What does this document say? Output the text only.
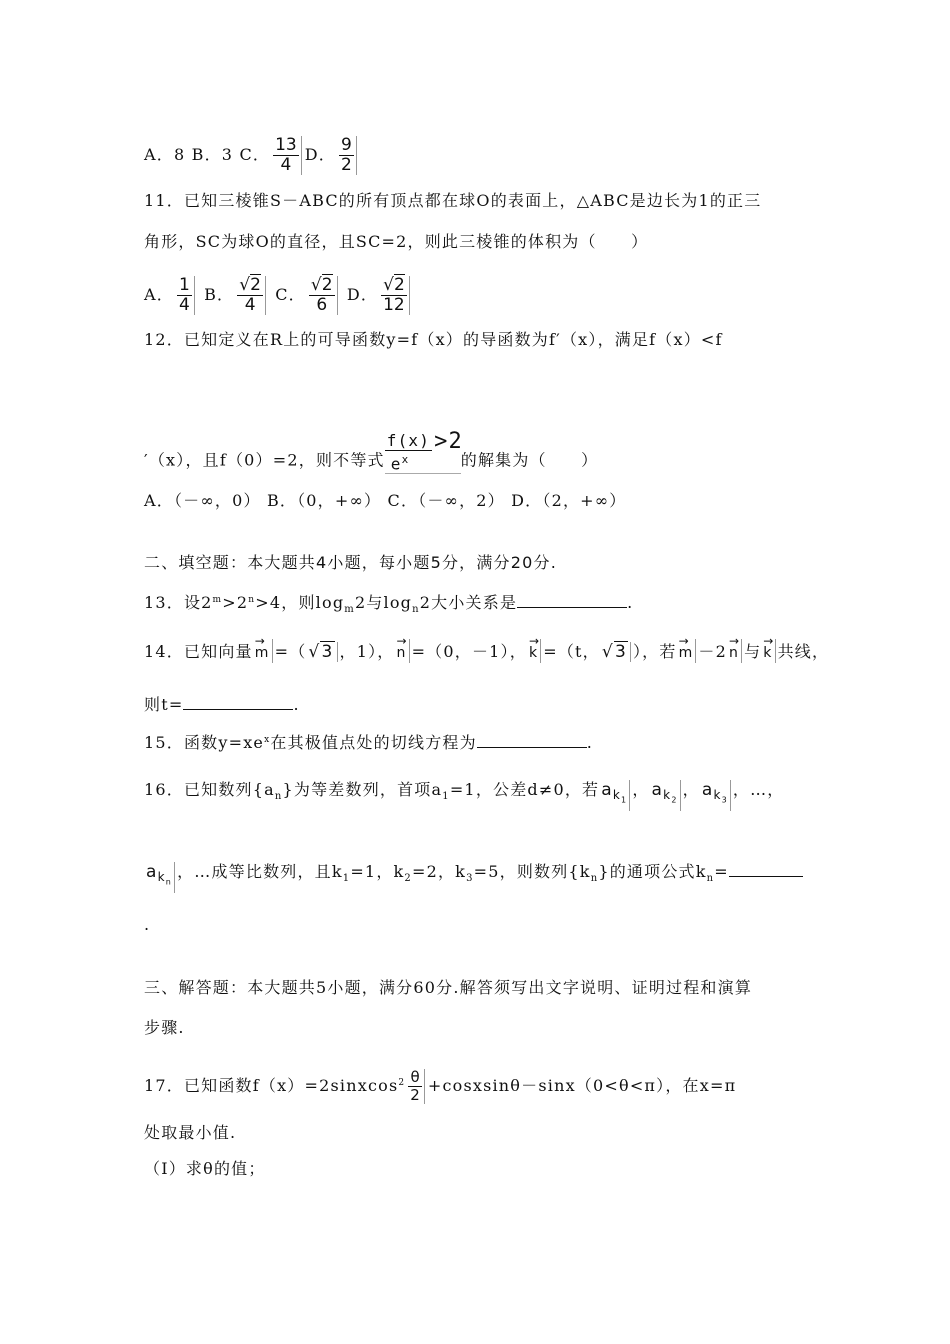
A．8 B．3 C． $\frac{13}{4}$ D． $\frac{9}{2}$
11．已知三棱锥S－ABC的所有顶点都在球O的表面上，△ABC是边长为1的正三
角形，SC为球O的直径，且SC=2，则此三棱锥的体积为（　　）
A． $\frac{1}{4}$ B． $\frac{√2}{4}$ C． $\frac{√2}{6}$ D． $\frac{√2}{12}$
12．已知定义在R上的可导函数y=f（x）的导函数为f′（x），满足f（x）<f
′（x），且f（0）=2，则不等式
f(x) >2
$e^x$	的解集为（　　）
A．（－∞，0） B．（0，+∞） C．（－∞，2） D．（2，+∞）
二、填空题：本大题共4小题，每小题5分，满分20分.
13．设$2^m>2^n>4$，则$\log_m2$与$\log_n2$大小关系是	.
14．已知向量 → m =（ √3 ，1）， → n =（0，－1）， → k =（t， √3 ），若 → m －2 → n 与 → k 共线，
则t=	.
15．函数$y=xe^x$在其极值点处的切线方程为	.
16．已知数列$\{a_n\}$为等差数列，首项$a_1=1$，公差d≠0，若 $a_{k_1}$， $a_{k_2}$， $a_{k_3}$，…，
$a_{k_n}$，…成等比数列，且$k_1=1$，$k_2=2$，$k_3=5$，则数列$\{k_n\}$的通项公式$k_n=$
.
三、解答题：本大题共5小题，满分60分.解答须写出文字说明、证明过程和演算
步骤.
17．已知函数f（x）=2sinxcos$^2$ $\frac{\theta}{2}$ +cosxsinθ－sinx（0<θ<π），在x=π
处取最小值.
（Ⅰ）求θ的值；
